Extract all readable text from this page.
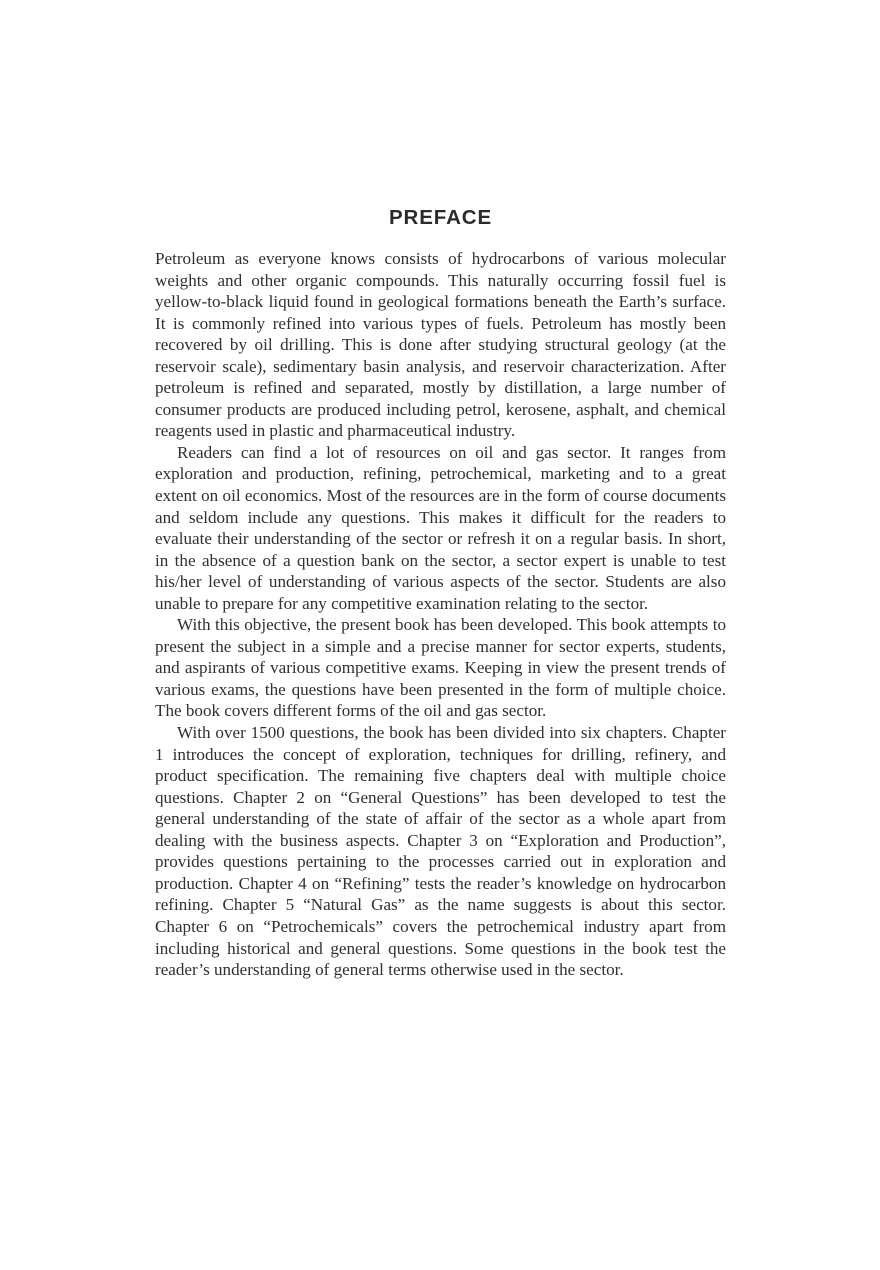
PREFACE

Petroleum as everyone knows consists of hydrocarbons of various molecular weights and other organic compounds. This naturally occurring fossil fuel is yellow-to-black liquid found in geological formations beneath the Earth’s surface. It is commonly refined into various types of fuels. Petroleum has mostly been recovered by oil drilling. This is done after studying structural geology (at the reservoir scale), sedimentary basin analysis, and reservoir characterization. After petroleum is refined and separated, mostly by distillation, a large number of consumer products are produced including petrol, kerosene, asphalt, and chemical reagents used in plastic and pharmaceutical industry.

Readers can find a lot of resources on oil and gas sector. It ranges from exploration and production, refining, petrochemical, marketing and to a great extent on oil economics. Most of the resources are in the form of course documents and seldom include any questions. This makes it difficult for the readers to evaluate their understanding of the sector or refresh it on a regular basis. In short, in the absence of a question bank on the sector, a sector expert is unable to test his/her level of understanding of various aspects of the sector. Students are also unable to prepare for any competitive examination relating to the sector.

With this objective, the present book has been developed. This book attempts to present the subject in a simple and a precise manner for sector experts, students, and aspirants of various competitive exams. Keeping in view the present trends of various exams, the questions have been presented in the form of multiple choice. The book covers different forms of the oil and gas sector.

With over 1500 questions, the book has been divided into six chapters. Chapter 1 introduces the concept of exploration, techniques for drilling, refinery, and product specification. The remaining five chapters deal with multiple choice questions. Chapter 2 on “General Questions” has been developed to test the general understanding of the state of affair of the sector as a whole apart from dealing with the business aspects. Chapter 3 on “Exploration and Production”, provides questions pertaining to the processes carried out in exploration and production. Chapter 4 on “Refining” tests the reader’s knowledge on hydrocarbon refining. Chapter 5 “Natural Gas” as the name suggests is about this sector. Chapter 6 on “Petrochemicals” covers the petrochemical industry apart from including historical and general questions. Some questions in the book test the reader’s understanding of general terms otherwise used in the sector.
